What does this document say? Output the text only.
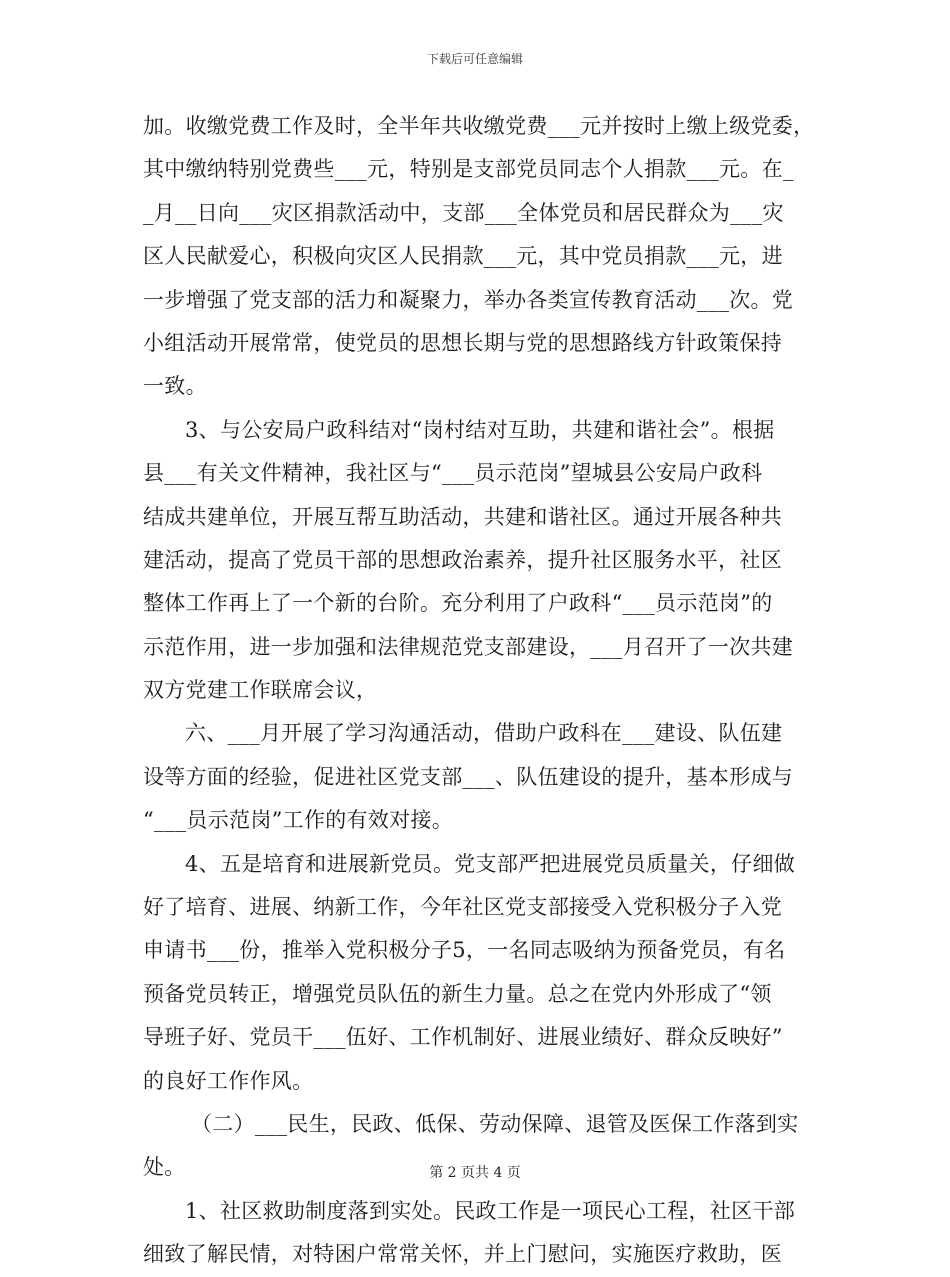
下载后可任意编辑
加。收缴党费工作及时，全半年共收缴党费___元并按时上缴上级党委，
其中缴纳特别党费些___元，特别是支部党员同志个人捐款___元。在_
_月__日向___灾区捐款活动中，支部___全体党员和居民群众为___灾
区人民献爱心，积极向灾区人民捐款___元，其中党员捐款___元，进
一步增强了党支部的活力和凝聚力，举办各类宣传教育活动___次。党
小组活动开展常常，使党员的思想长期与党的思想路线方针政策保持
一致。
3、与公安局户政科结对“岗村结对互助，共建和谐社会”。根据
县___有关文件精神，我社区与“___员示范岗”望城县公安局户政科
结成共建单位，开展互帮互助活动，共建和谐社区。通过开展各种共
建活动，提高了党员干部的思想政治素养，提升社区服务水平，社区
整体工作再上了一个新的台阶。充分利用了户政科“___员示范岗”的
示范作用，进一步加强和法律规范党支部建设，___月召开了一次共建
双方党建工作联席会议，
六、___月开展了学习沟通活动，借助户政科在___建设、队伍建
设等方面的经验，促进社区党支部___、队伍建设的提升，基本形成与
“___员示范岗”工作的有效对接。
4、五是培育和进展新党员。党支部严把进展党员质量关，仔细做
好了培育、进展、纳新工作，今年社区党支部接受入党积极分子入党
申请书___份，推举入党积极分子5，一名同志吸纳为预备党员，有名
预备党员转正，增强党员队伍的新生力量。总之在党内外形成了“领
导班子好、党员干___伍好、工作机制好、进展业绩好、群众反映好”
的良好工作作风。
（二）___民生，民政、低保、劳动保障、退管及医保工作落到实
处。
1、社区救助制度落到实处。民政工作是一项民心工程，社区干部
细致了解民情，对特困户常常关怀，并上门慰问，实施医疗救助，医
第 2 页共 4 页
